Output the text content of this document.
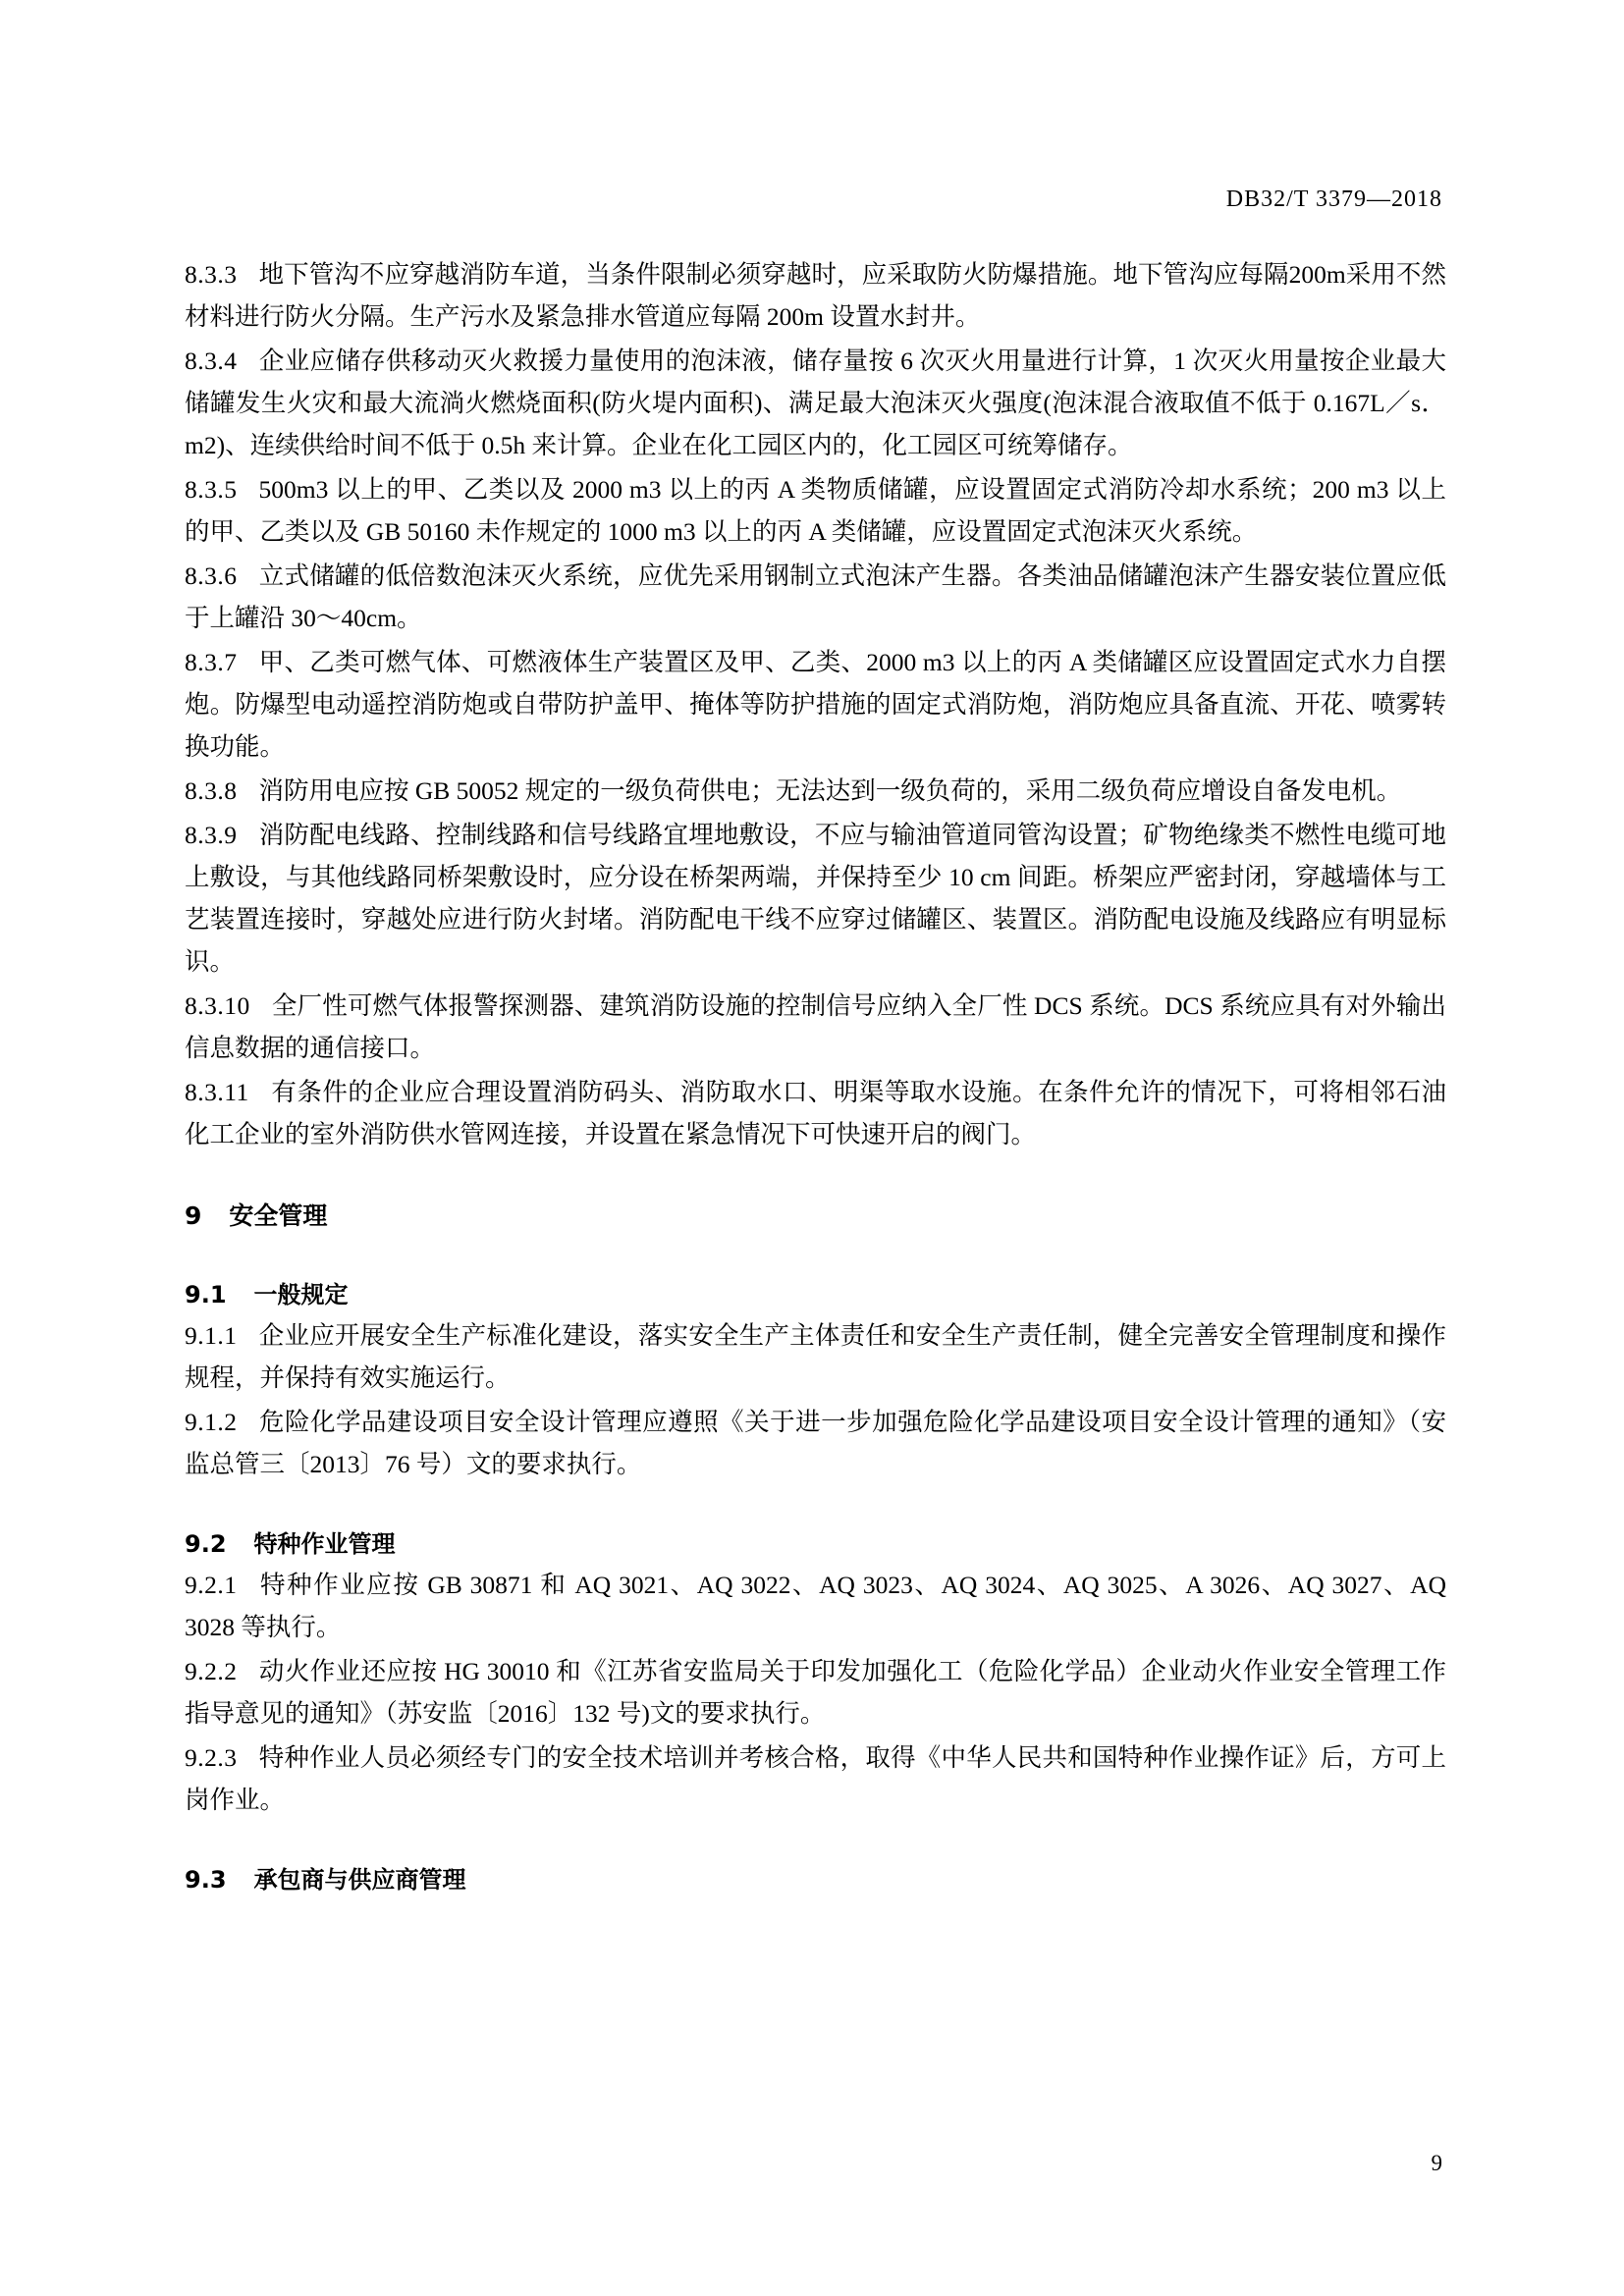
DB32/T 3379—2018

8.3.3 地下管沟不应穿越消防车道，当条件限制必须穿越时，应采取防火防爆措施。地下管沟应每隔200m采用不然材料进行防火分隔。生产污水及紧急排水管道应每隔 200m 设置水封井。

8.3.4 企业应储存供移动灭火救援力量使用的泡沫液，储存量按 6 次灭火用量进行计算，1 次灭火用量按企业最大储罐发生火灾和最大流淌火燃烧面积(防火堤内面积)、满足最大泡沫灭火强度(泡沫混合液取值不低于 0.167L／s．m2)、连续供给时间不低于 0.5h 来计算。企业在化工园区内的，化工园区可统筹储存。

8.3.5 500m3 以上的甲、乙类以及 2000 m3 以上的丙 A 类物质储罐，应设置固定式消防冷却水系统；200 m3 以上的甲、乙类以及 GB 50160 未作规定的 1000 m3 以上的丙 A 类储罐，应设置固定式泡沫灭火系统。

8.3.6 立式储罐的低倍数泡沫灭火系统，应优先采用钢制立式泡沫产生器。各类油品储罐泡沫产生器安装位置应低于上罐沿 30～40cm。

8.3.7 甲、乙类可燃气体、可燃液体生产装置区及甲、乙类、2000 m3 以上的丙 A 类储罐区应设置固定式水力自摆炮。防爆型电动遥控消防炮或自带防护盖甲、掩体等防护措施的固定式消防炮，消防炮应具备直流、开花、喷雾转换功能。

8.3.8 消防用电应按 GB 50052 规定的一级负荷供电；无法达到一级负荷的，采用二级负荷应增设自备发电机。

8.3.9 消防配电线路、控制线路和信号线路宜埋地敷设，不应与输油管道同管沟设置；矿物绝缘类不燃性电缆可地上敷设，与其他线路同桥架敷设时，应分设在桥架两端，并保持至少 10 cm 间距。桥架应严密封闭，穿越墙体与工艺装置连接时，穿越处应进行防火封堵。消防配电干线不应穿过储罐区、装置区。消防配电设施及线路应有明显标识。

8.3.10 全厂性可燃气体报警探测器、建筑消防设施的控制信号应纳入全厂性 DCS 系统。DCS 系统应具有对外输出信息数据的通信接口。

8.3.11 有条件的企业应合理设置消防码头、消防取水口、明渠等取水设施。在条件允许的情况下，可将相邻石油化工企业的室外消防供水管网连接，并设置在紧急情况下可快速开启的阀门。

9 安全管理
9.1 一般规定

9.1.1 企业应开展安全生产标准化建设，落实安全生产主体责任和安全生产责任制，健全完善安全管理制度和操作规程，并保持有效实施运行。

9.1.2 危险化学品建设项目安全设计管理应遵照《关于进一步加强危险化学品建设项目安全设计管理的通知》（安监总管三〔2013〕76 号）文的要求执行。

9.2 特种作业管理

9.2.1 特种作业应按 GB 30871 和 AQ 3021、AQ 3022、AQ 3023、AQ 3024、AQ 3025、A 3026、AQ 3027、AQ 3028 等执行。

9.2.2 动火作业还应按 HG 30010 和《江苏省安监局关于印发加强化工（危险化学品）企业动火作业安全管理工作指导意见的通知》（苏安监〔2016〕132 号)文的要求执行。

9.2.3 特种作业人员必须经专门的安全技术培训并考核合格，取得《中华人民共和国特种作业操作证》后，方可上岗作业。

9.3 承包商与供应商管理
9
